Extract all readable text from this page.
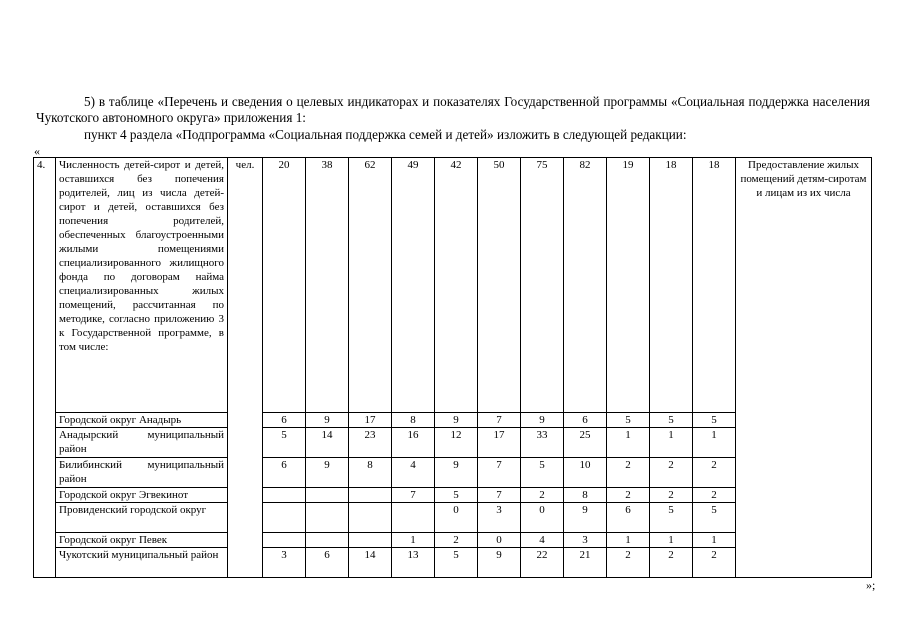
5) в таблице «Перечень и сведения о целевых индикаторах и показателях Государственной программы «Социальная поддержка населения Чукотского автономного округа» приложения 1:
пункт 4 раздела «Подпрограмма «Социальная поддержка семей и детей» изложить в следующей редакции:
«
4.	Численность детей-сирот и детей, оставшихся без попечения родителей, лиц из числа детей-сирот и детей, оставшихся без попечения родителей, обеспеченных благоустроенными жилыми помещениями специализированного жилищного фонда по договорам найма специализированных жилых помещений, рассчитанная по методике, согласно приложению 3 к Государственной программе, в том числе:	чел.	20	38	62	49	42	50	75	82	19	18	18	Предоставление жилых помещений детям-сиротам и лицам из их числа
	Городской округ Анадырь		6	9	17	8	9	7	9	6	5	5	5	
	Анадырский муниципальный район		5	14	23	16	12	17	33	25	1	1	1	
	Билибинский муниципальный район		6	9	8	4	9	7	5	10	2	2	2	
	Городской округ Эгвекинот					7	5	7	2	8	2	2	2	
	Провиденский городской округ						0	3	0	9	6	5	5	
	Городской округ Певек					1	2	0	4	3	1	1	1	
	Чукотский муниципальный район		3	6	14	13	5	9	22	21	2	2	2	
»;
